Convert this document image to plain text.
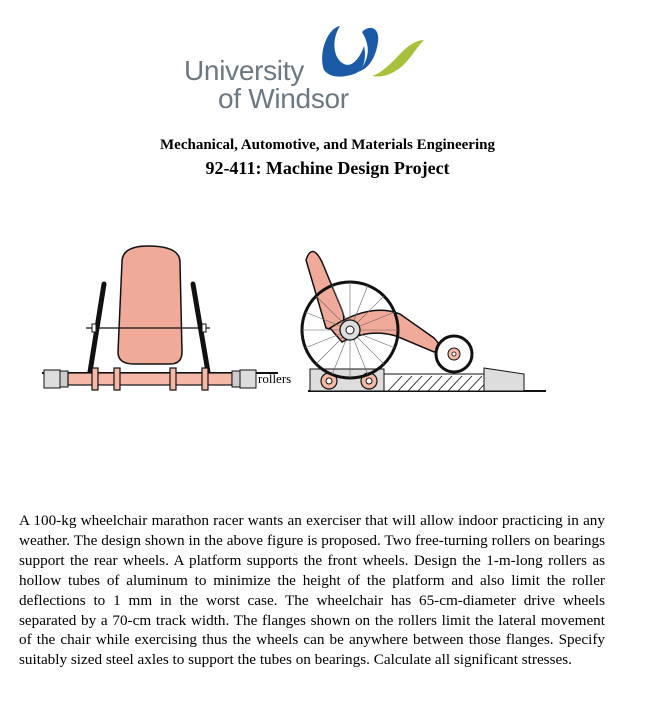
University
of Windsor
Mechanical, Automotive, and Materials Engineering
92-411: Machine Design Project
rollers

A 100-kg wheelchair marathon racer wants an exerciser that will allow indoor practicing in any weather. The design shown in the above figure is proposed. Two free-turning rollers on bearings support the rear wheels. A platform supports the front wheels. Design the 1-m-long rollers as hollow tubes of aluminum to minimize the height of the platform and also limit the roller deflections to 1 mm in the worst case. The wheelchair has 65-cm-diameter drive wheels separated by a 70-cm track width. The flanges shown on the rollers limit the lateral movement of the chair while exercising thus the wheels can be anywhere between those flanges. Specify suitably sized steel axles to support the tubes on bearings. Calculate all significant stresses.
